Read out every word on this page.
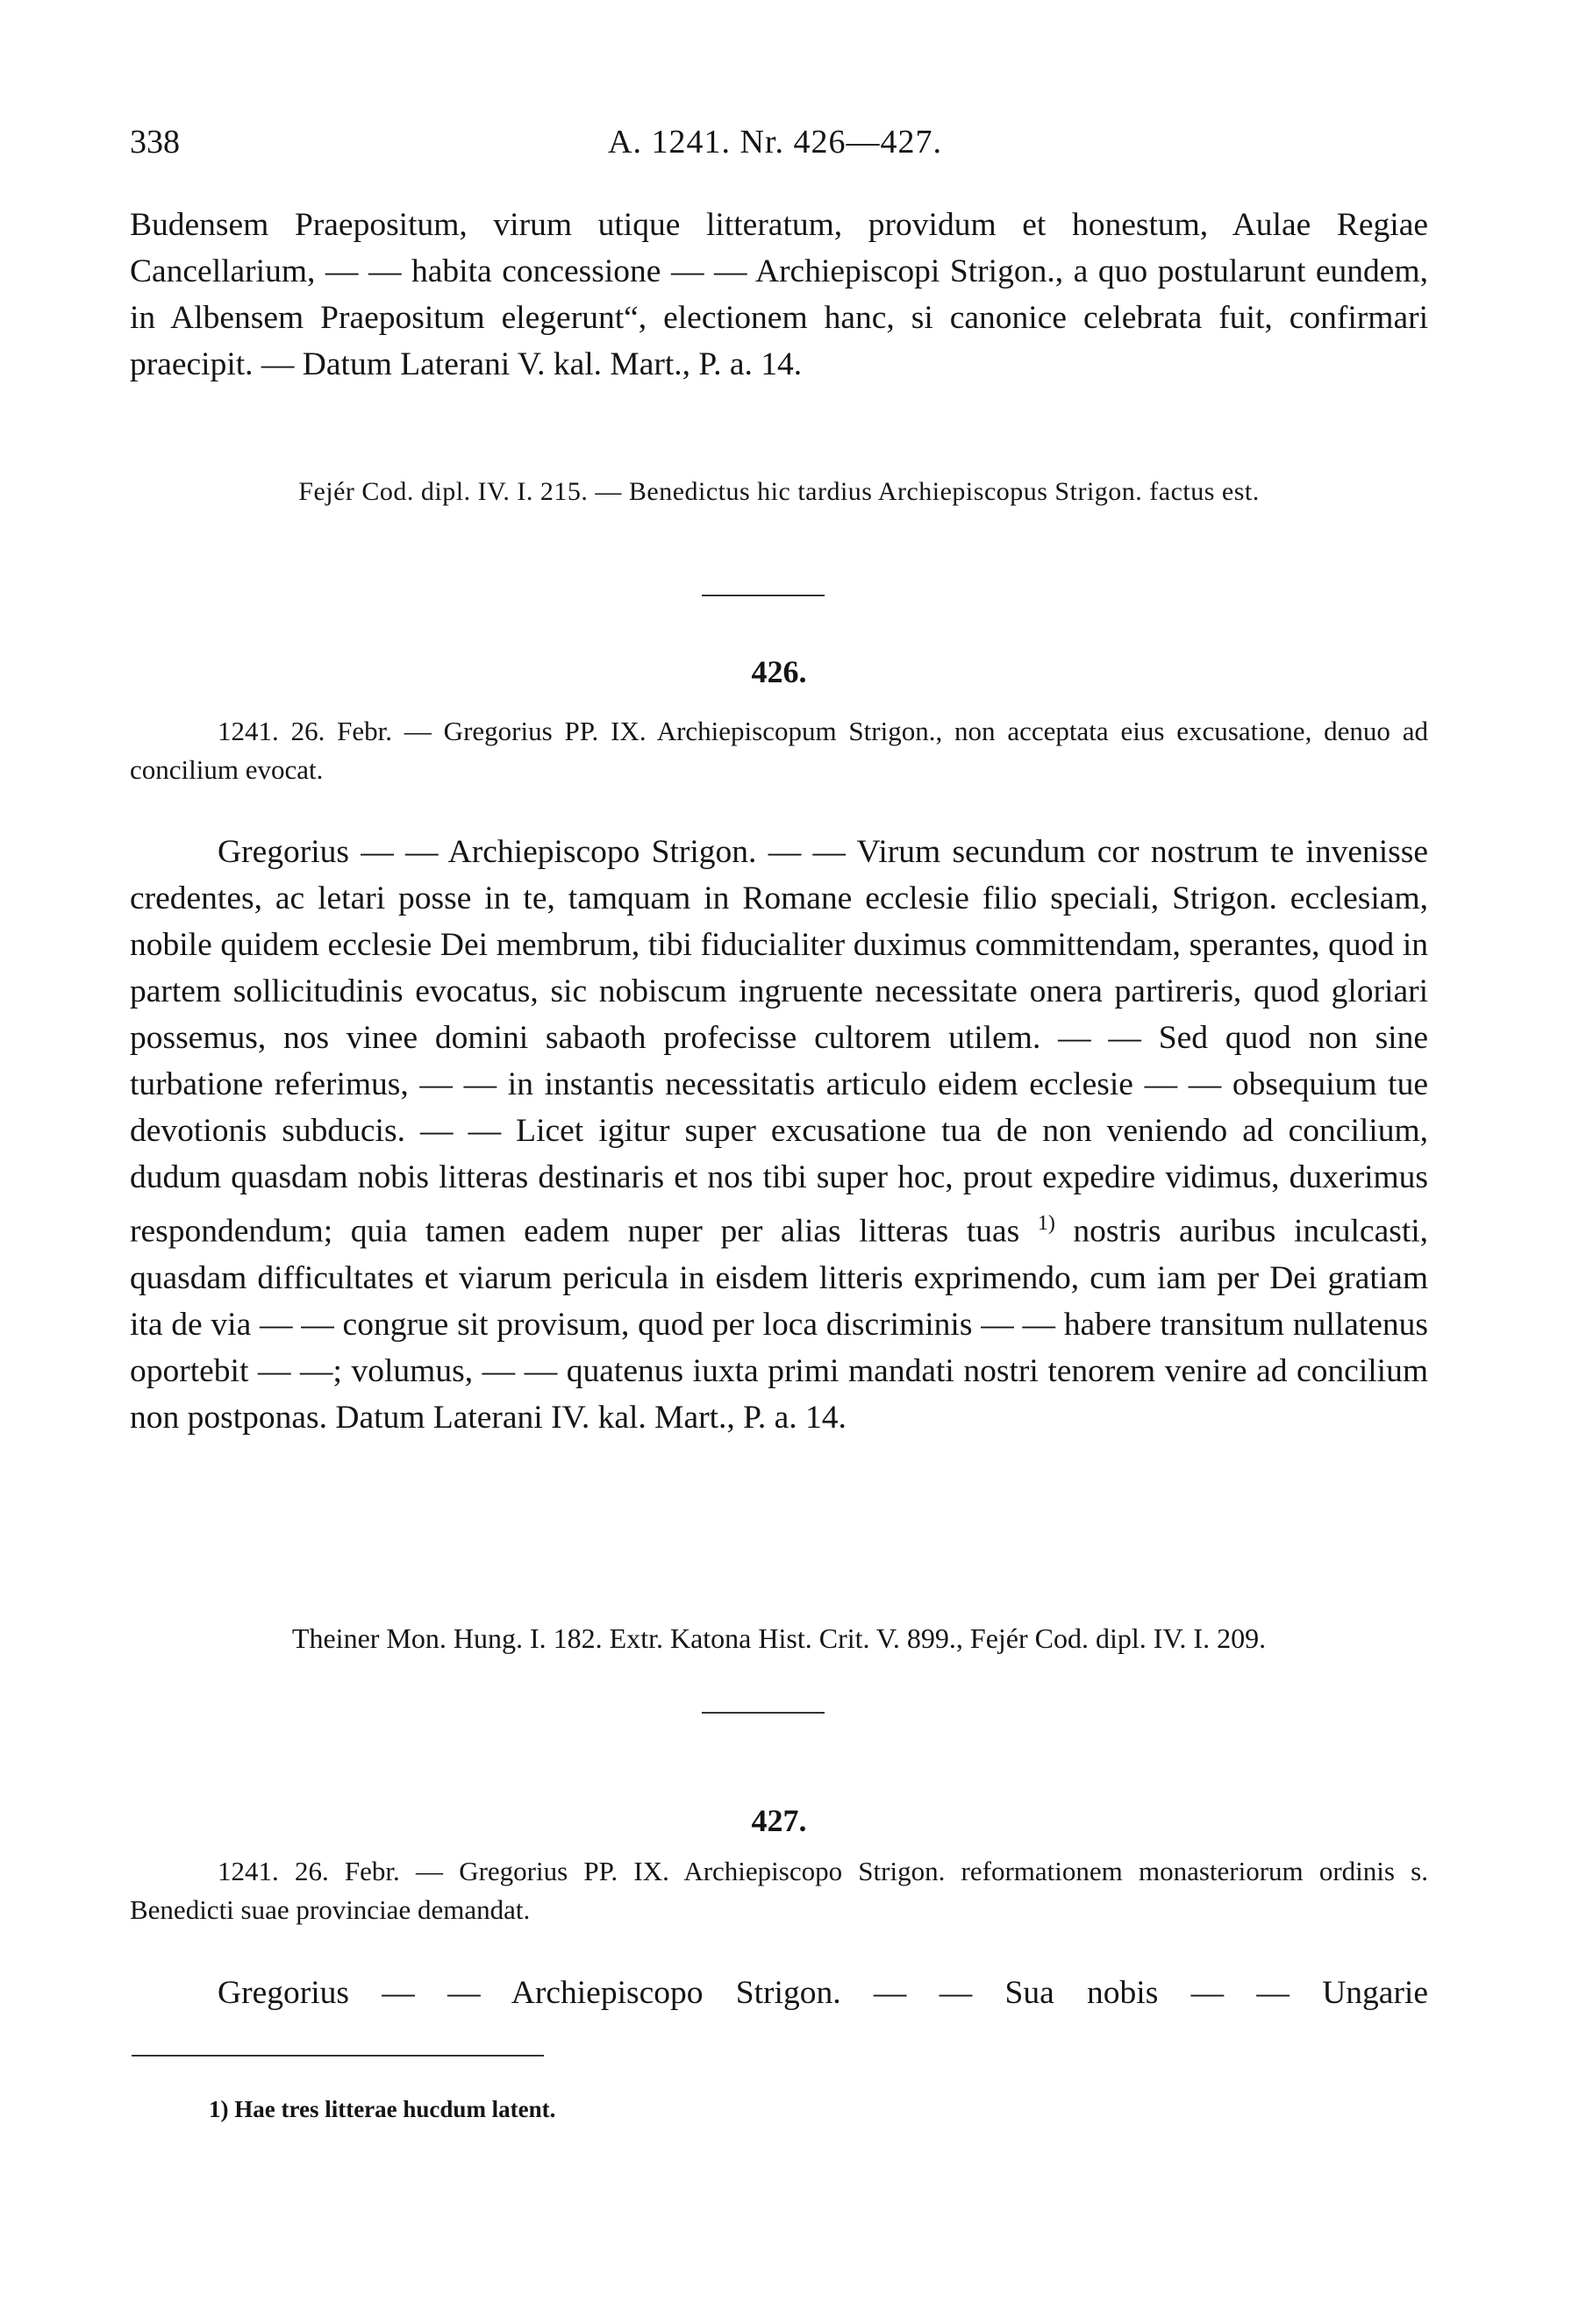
338	A. 1241. Nr. 426—427.

Budensem Praepositum, virum utique litteratum, providum et honestum, Aulae Regiae Cancellarium, — — habita concessione — — Archiepiscopi Strigon., a quo postularunt eundem, in Albensem Praepositum elegerunt“, electionem hanc, si canonice celebrata fuit, confirmari praecipit. — Datum Laterani V. kal. Mart., P. a. 14.

Fejér Cod. dipl. IV. I. 215. — Benedictus hic tardius Archiepiscopus Strigon. factus est.
426.

1241. 26. Febr. — Gregorius PP. IX. Archiepiscopum Strigon., non acceptata eius excusatione, denuo ad concilium evocat.

Gregorius — — Archiepiscopo Strigon. — — Virum secundum cor nostrum te invenisse credentes, ac letari posse in te, tamquam in Romane ecclesie filio speciali, Strigon. ecclesiam, nobile quidem ecclesie Dei membrum, tibi fiducialiter duximus committendam, sperantes, quod in partem sollicitudinis evocatus, sic nobiscum ingruente necessitate onera partireris, quod gloriari possemus, nos vinee domini sabaoth profecisse cultorem utilem. — — Sed quod non sine turbatione referimus, — — in instantis necessitatis articulo eidem ecclesie — — obsequium tue devotionis subducis. — — Licet igitur super excusatione tua de non veniendo ad concilium, dudum quasdam nobis litteras destinaris et nos tibi super hoc, prout expedire vidimus, duxerimus respondendum; quia tamen eadem nuper per alias litteras tuas $^{1)}$ nostris auribus inculcasti, quasdam difficultates et viarum pericula in eisdem litteris exprimendo, cum iam per Dei gratiam ita de via — — congrue sit provisum, quod per loca discriminis — — habere transitum nullatenus oportebit — —; volumus, — — quatenus iuxta primi mandati nostri tenorem venire ad concilium non postponas. Datum Laterani IV. kal. Mart., P. a. 14.

Theiner Mon. Hung. I. 182. Extr. Katona Hist. Crit. V. 899., Fejér Cod. dipl. IV. I. 209.
427.

1241. 26. Febr. — Gregorius PP. IX. Archiepiscopo Strigon. reformationem monasteriorum ordinis s. Benedicti suae provinciae demandat.

Gregorius — — Archiepiscopo Strigon. — — Sua nobis — — Ungarie

1) Hae tres litterae hucdum latent.
